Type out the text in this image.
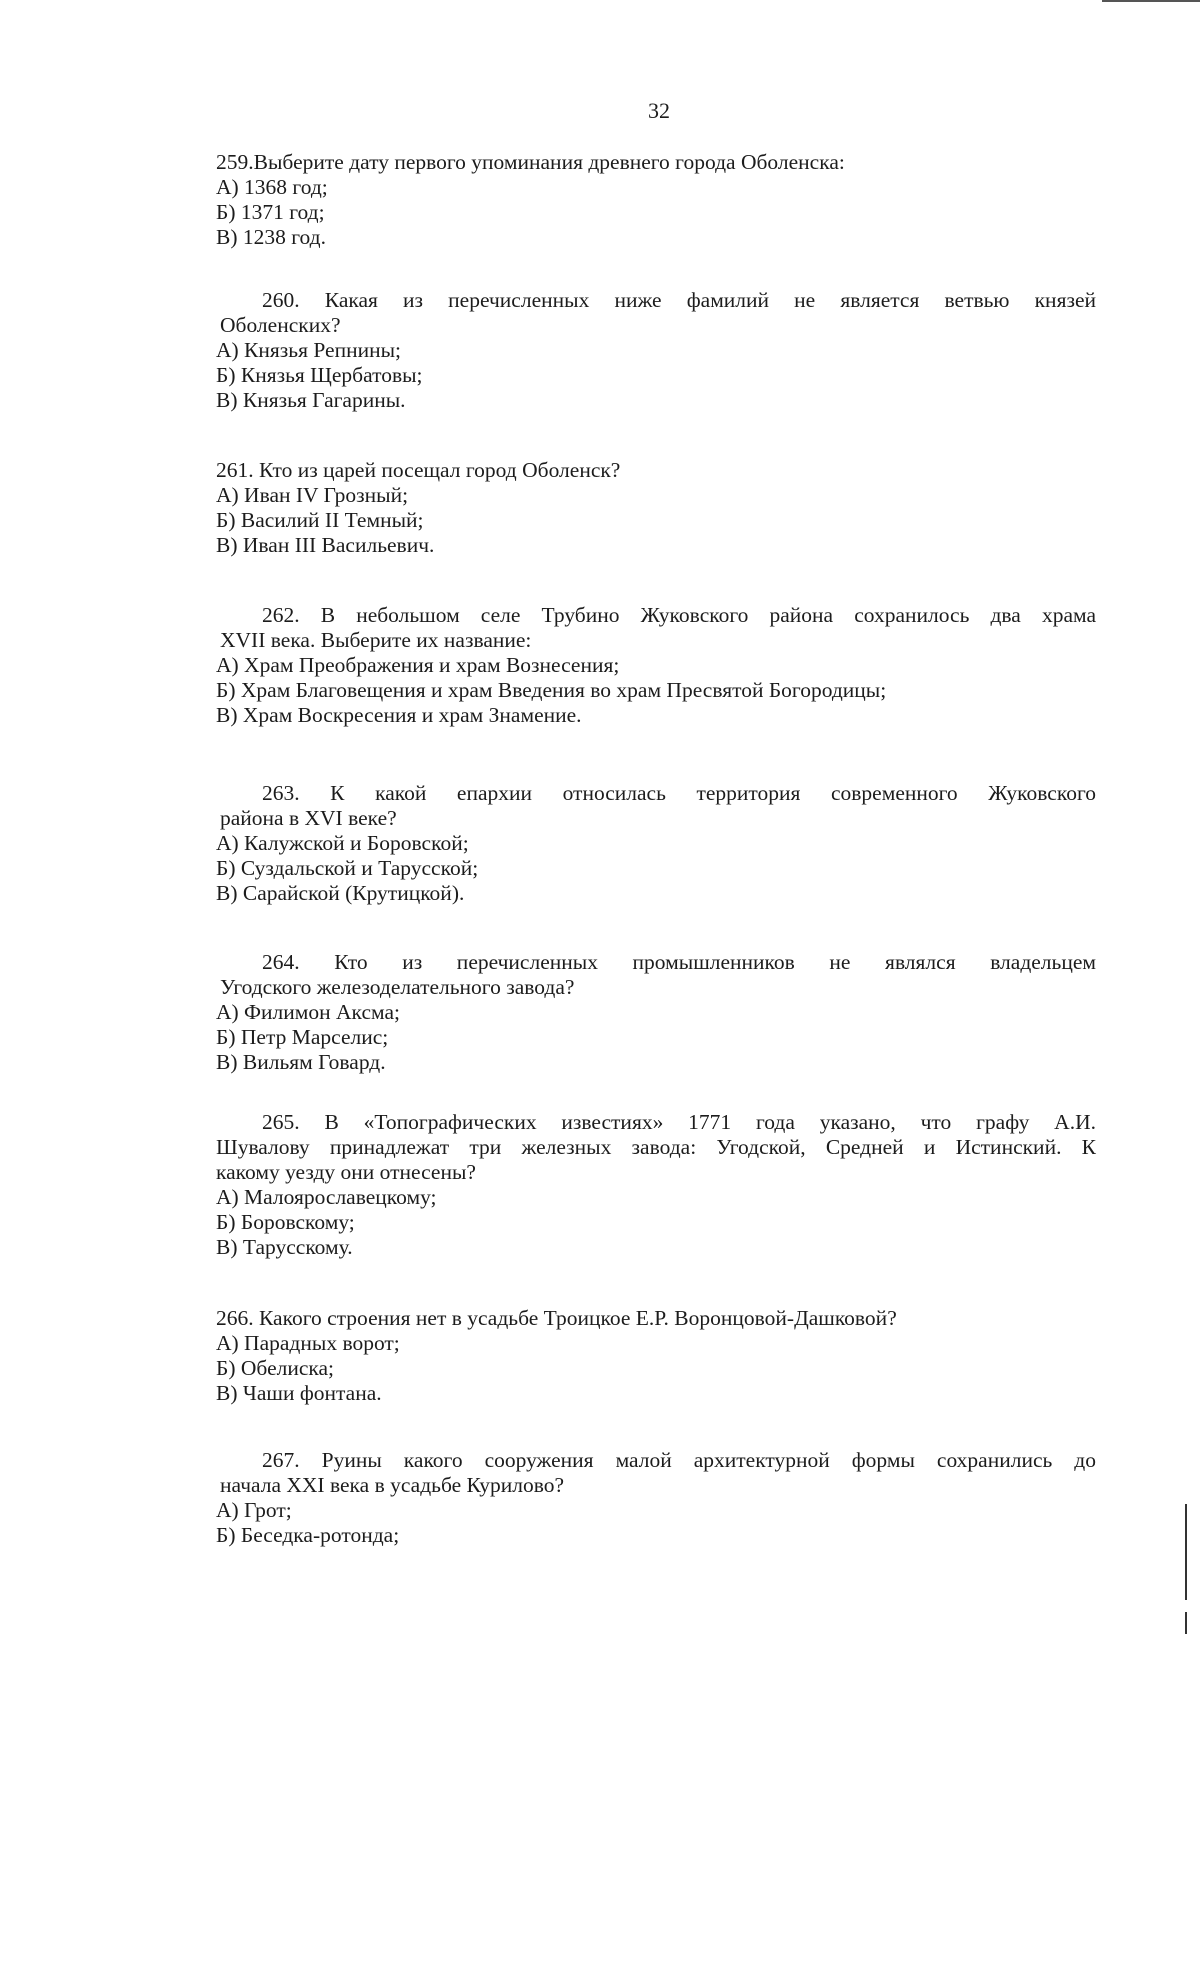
32
259.Выберите дату первого упоминания древнего города Оболенска:
А) 1368 год;
Б) 1371 год;
В) 1238 год.
260. Какая из перечисленных ниже фамилий не является ветвью князей
Оболенских?
А) Князья Репнины;
Б) Князья Щербатовы;
В) Князья Гагарины.
261. Кто из царей посещал город Оболенск?
А) Иван IV Грозный;
Б) Василий II Темный;
В) Иван III Васильевич.
262. В небольшом селе Трубино Жуковского района сохранилось два храма
XVII века. Выберите их название:
А) Храм Преображения и храм Вознесения;
Б) Храм Благовещения и храм Введения во храм Пресвятой Богородицы;
В) Храм Воскресения и храм Знамение.
263. К какой епархии относилась территория современного Жуковского
района в XVI веке?
А) Калужской и Боровской;
Б) Суздальской и Тарусской;
В) Сарайской (Крутицкой).
264. Кто из перечисленных промышленников не являлся владельцем
Угодского железоделательного завода?
А) Филимон Аксма;
Б) Петр Марселис;
В) Вильям Говард.
265. В «Топографических известиях» 1771 года указано, что графу А.И.
Шувалову принадлежат три железных завода: Угодской, Средней и Истинский. К
какому уезду они отнесены?
А) Малоярославецкому;
Б) Боровскому;
В) Тарусскому.
266. Какого строения нет в усадьбе Троицкое Е.Р. Воронцовой-Дашковой?
А) Парадных ворот;
Б) Обелиска;
В) Чаши фонтана.
267. Руины какого сооружения малой архитектурной формы сохранились до
начала XXI века в усадьбе Курилово?
А) Грот;
Б) Беседка-ротонда;
